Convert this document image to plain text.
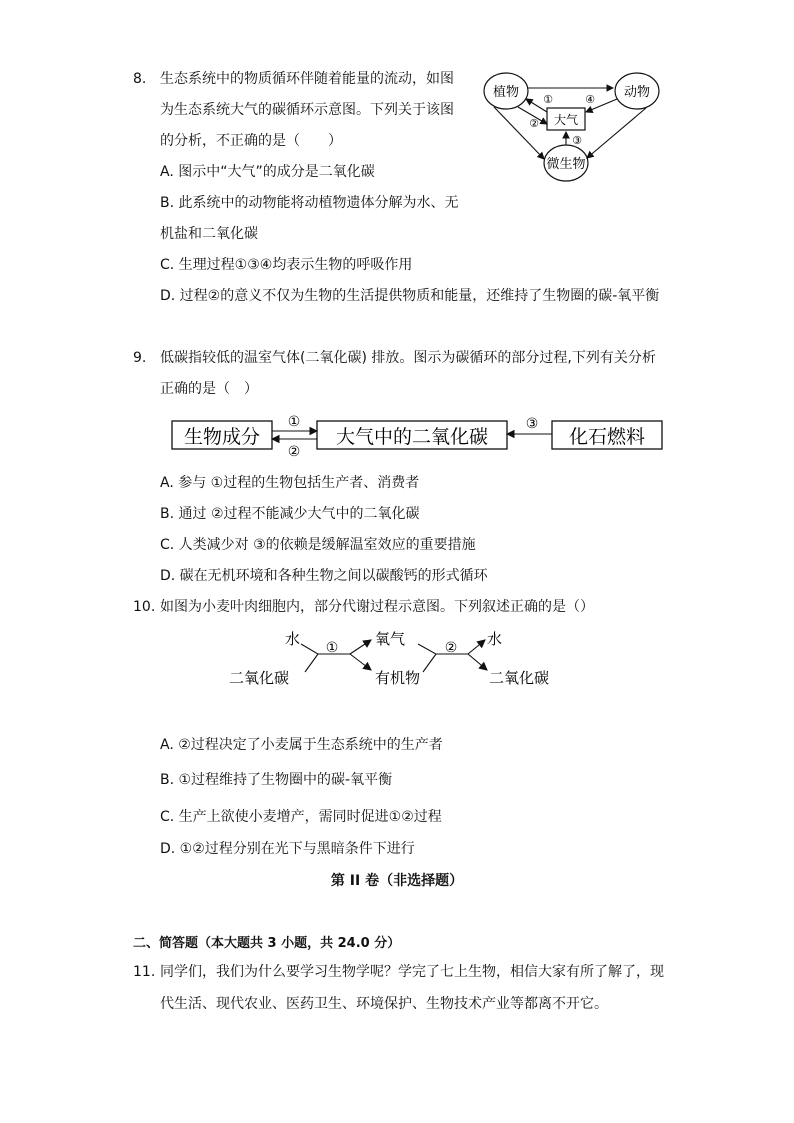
8. 生态系统中的物质循环伴随着能量的流动，如图
为生态系统大气的碳循环示意图。下列关于该图
的分析，不正确的是（　　）
A. 图示中“大气”的成分是二氧化碳
B. 此系统中的动物能将动植物遗体分解为水、无
机盐和二氧化碳
C. 生理过程①③④均表示生物的呼吸作用
D. 过程②的意义不仅为生物的生活提供物质和能量，还维持了生物圈的碳-氧平衡
植物	动物
微生物
大气
①
②
③
④
9. 低碳指较低的温室气体(二氧化碳) 排放。图示为碳循环的部分过程,下列有关分析
正确的是（　）
生物成分	大气中的二氧化碳	化石燃料
①
②
③
A. 参与 ①过程的生物包括生产者、消费者
B. 通过 ②过程不能减少大气中的二氧化碳
C. 人类减少对 ③的依赖是缓解温室效应的重要措施
D. 碳在无机环境和各种生物之间以碳酸钙的形式循环
10. 如图为小麦叶肉细胞内，部分代谢过程示意图。下列叙述正确的是（）
水
二氧化碳
① 氧气
有机物
② 水
二氧化碳
A. ②过程决定了小麦属于生态系统中的生产者
B. ①过程维持了生物圈中的碳-氧平衡
C. 生产上欲使小麦增产，需同时促进①②过程
D. ①②过程分别在光下与黑暗条件下进行
第 II 卷（非选择题）
二、简答题（本大题共 3 小题，共 24.0 分）
11. 同学们，我们为什么要学习生物学呢？学完了七上生物，相信大家有所了解了，现
代生活、现代农业、医药卫生、环境保护、生物技术产业等都离不开它。
